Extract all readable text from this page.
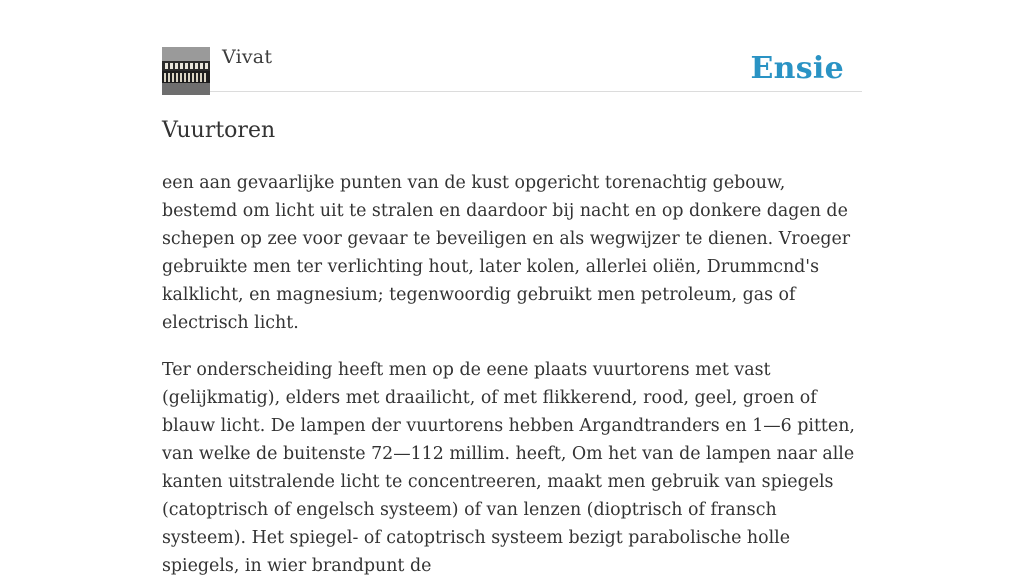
Vivat	Ensie
Vuurtoren

een aan gevaarlijke punten van de kust opgericht torenachtig gebouw, bestemd om licht uit te stralen en daardoor bij nacht en op donkere dagen de schepen op zee voor gevaar te beveiligen en als wegwijzer te dienen. Vroeger gebruikte men ter verlichting hout, later kolen, allerlei oliën, Drummcnd's kalklicht, en magnesium; tegenwoordig gebruikt men petroleum, gas of electrisch licht.

Ter onderscheiding heeft men op de eene plaats vuurtorens met vast (gelijkmatig), elders met draailicht, of met flikkerend, rood, geel, groen of blauw licht. De lampen der vuurtorens hebben Argandtranders en 1—6 pitten, van welke de buitenste 72—112 millim. heeft, Om het van de lampen naar alle kanten uitstralende licht te concentreeren, maakt men gebruik van spiegels (catoptrisch of engelsch systeem) of van lenzen (dioptrisch of fransch systeem). Het spiegel- of catoptrisch systeem bezigt parabolische holle spiegels, in wier brandpunt de
